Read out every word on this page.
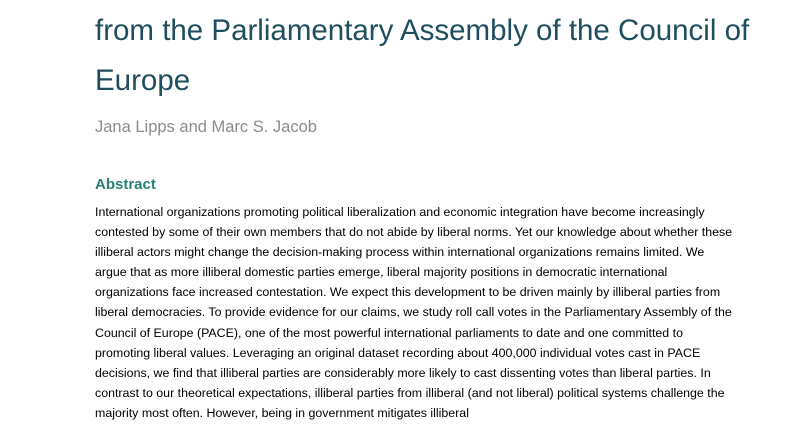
from the Parliamentary Assembly of the Council of Europe

Jana Lipps and Marc S. Jacob

Abstract

International organizations promoting political liberalization and economic integration have become increasingly contested by some of their own members that do not abide by liberal norms. Yet our knowledge about whether these illiberal actors might change the decision-making process within international organizations remains limited. We argue that as more illiberal domestic parties emerge, liberal majority positions in democratic international organizations face increased contestation. We expect this development to be driven mainly by illiberal parties from liberal democracies. To provide evidence for our claims, we study roll call votes in the Parliamentary Assembly of the Council of Europe (PACE), one of the most powerful international parliaments to date and one committed to promoting liberal values. Leveraging an original dataset recording about 400,000 individual votes cast in PACE decisions, we find that illiberal parties are considerably more likely to cast dissenting votes than liberal parties. In contrast to our theoretical expectations, illiberal parties from illiberal (and not liberal) political systems challenge the majority most often. However, being in government mitigates illiberal
